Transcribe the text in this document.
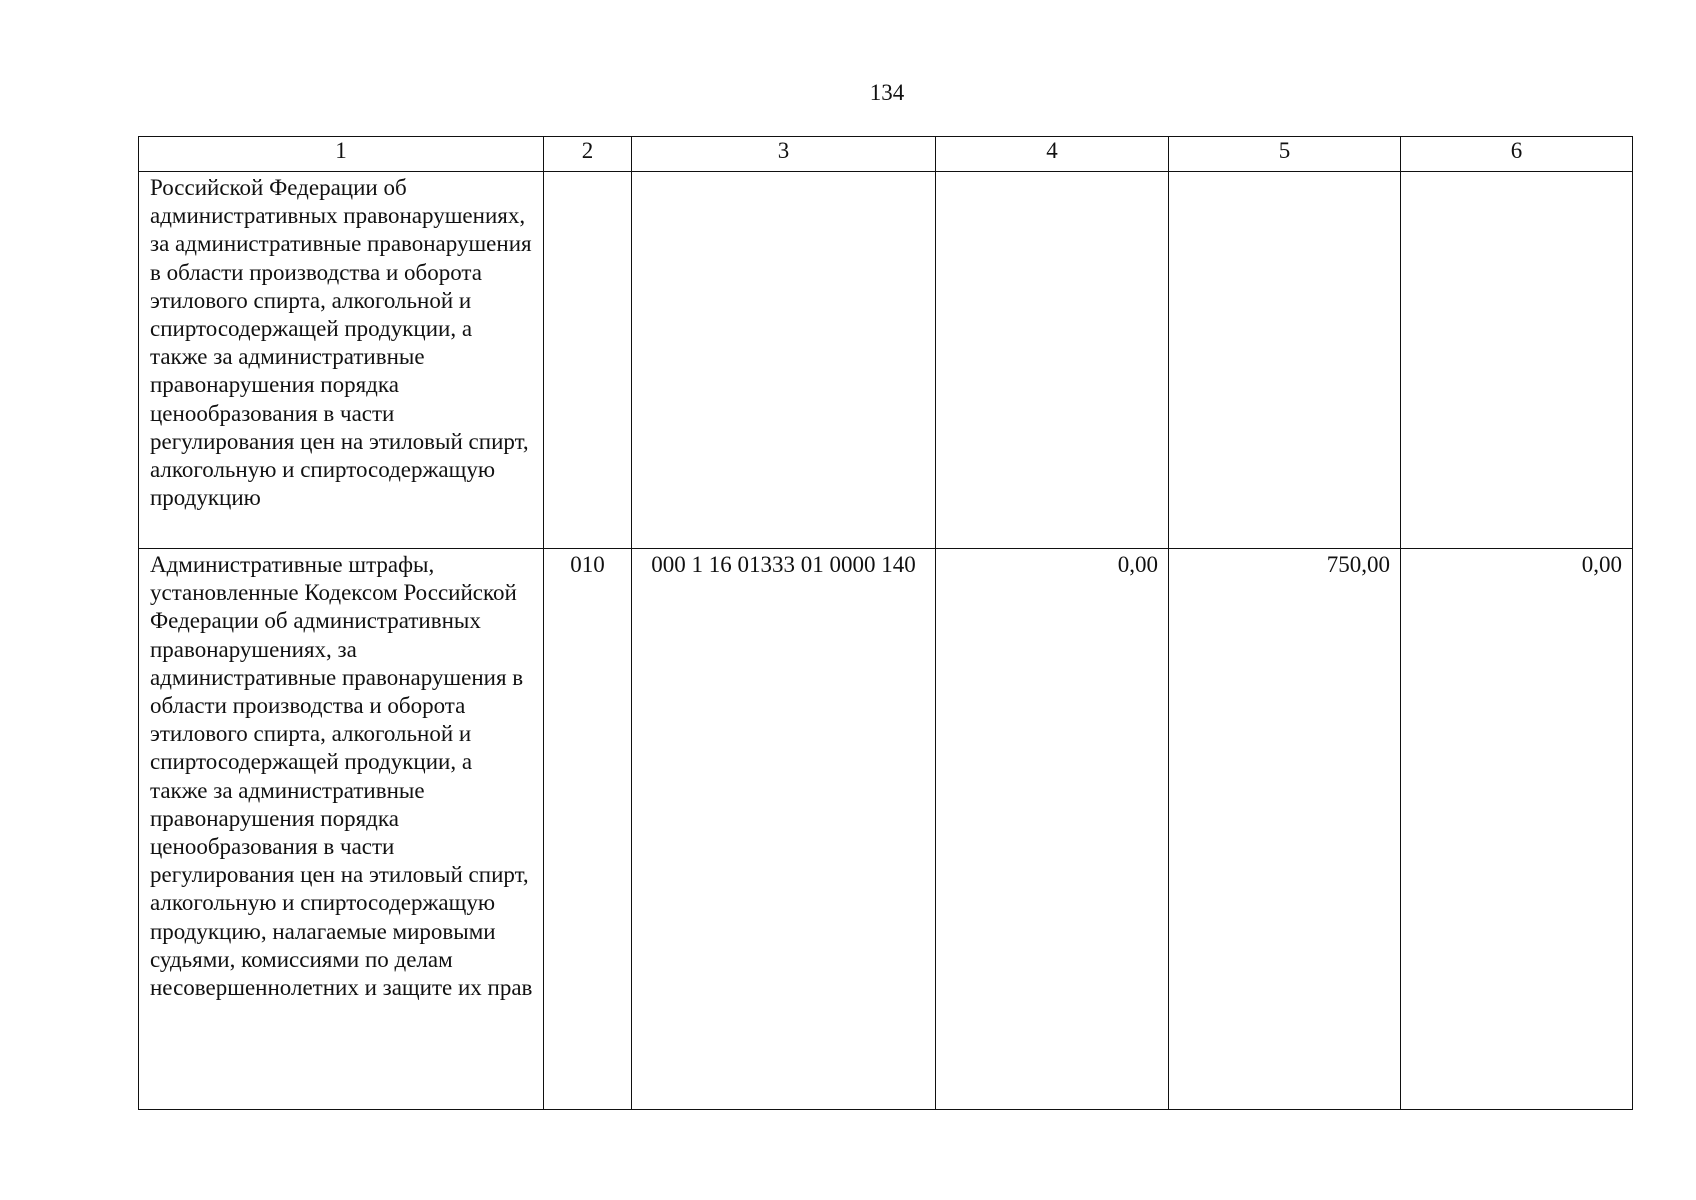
134
1	2	3	4	5	6
Российской Федерации об административных правонарушениях, за административные правонарушения в области производства и оборота этилового спирта, алкогольной и спиртосодержащей продукции, а также за административные правонарушения порядка ценообразования в части регулирования цен на этиловый спирт, алкогольную и спиртосодержащую продукцию					
Административные штрафы, установленные Кодексом Российской Федерации об административных правонарушениях, за административные правонарушения в области производства и оборота этилового спирта, алкогольной и спиртосодержащей продукции, а также за административные правонарушения порядка ценообразования в части регулирования цен на этиловый спирт, алкогольную и спиртосодержащую продукцию, налагаемые мировыми судьями, комиссиями по делам несовершеннолетних и защите их прав	010	000 1 16 01333 01 0000 140	0,00	750,00	0,00
